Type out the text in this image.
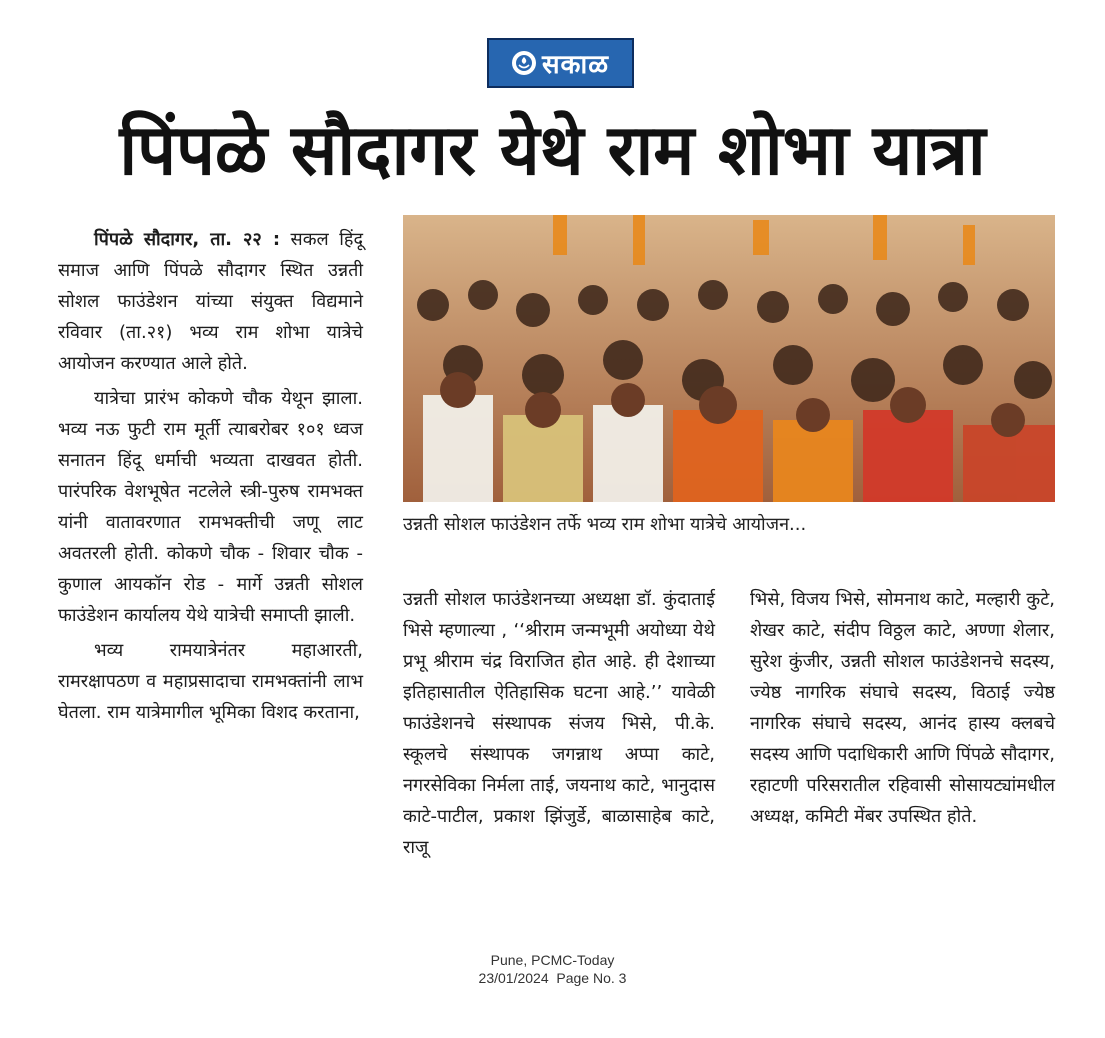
सकाळ
पिंपळे सौदागर येथे राम शोभा यात्रा

पिंपळे सौदागर, ता. २२ : सकल हिंदू समाज आणि पिंपळे सौदागर स्थित उन्नती सोशल फाउंडेशन यांच्या संयुक्त विद्यमाने रविवार (ता.२१) भव्य राम शोभा यात्रेचे आयोजन करण्यात आले होते.

यात्रेचा प्रारंभ कोकणे चौक येथून झाला. भव्य नऊ फुटी राम मूर्ती त्याबरोबर १०१ ध्वज सनातन हिंदू धर्माची भव्यता दाखवत होती. पारंपरिक वेशभूषेत नटलेले स्त्री-पुरुष रामभक्त यांनी वातावरणात रामभक्तीची जणू लाट अवतरली होती. कोकणे चौक - शिवार चौक - कुणाल आयकॉन रोड - मार्गे उन्नती सोशल फाउंडेशन कार्यालय येथे यात्रेची समाप्ती झाली.

भव्य रामयात्रेनंतर महाआरती, रामरक्षापठण व महाप्रसादाचा रामभक्तांनी लाभ घेतला. राम यात्रेमागील भूमिका विशद करताना,

उन्नती सोशल फाउंडेशन तर्फे भव्य राम शोभा यात्रेचे आयोजन...

उन्नती सोशल फाउंडेशनच्या अध्यक्षा डॉ. कुंदाताई भिसे म्हणाल्या , ‘‘श्रीराम जन्मभूमी अयोध्या येथे प्रभू श्रीराम चंद्र विराजित होत आहे. ही देशाच्या इतिहासातील ऐतिहासिक घटना आहे.’’ यावेळी फाउंडेशनचे संस्थापक संजय भिसे, पी.के. स्कूलचे संस्थापक जगन्नाथ अप्पा काटे, नगरसेविका निर्मला ताई, जयनाथ काटे, भानुदास काटे-पाटील, प्रकाश झिंजुर्डे, बाळासाहेब काटे, राजू

भिसे, विजय भिसे, सोमनाथ काटे, मल्हारी कुटे, शेखर काटे, संदीप विठ्ठल काटे, अण्णा शेलार, सुरेश कुंजीर, उन्नती सोशल फाउंडेशनचे सदस्य, ज्येष्ठ नागरिक संघाचे सदस्य, विठाई ज्येष्ठ नागरिक संघाचे सदस्य, आनंद हास्य क्लबचे सदस्य आणि पदाधिकारी आणि पिंपळे सौदागर, रहाटणी परिसरातील रहिवासी सोसायट्यांमधील अध्यक्ष, कमिटी मेंबर उपस्थित होते.

Pune, PCMC-Today
23/01/2024  Page No. 3
